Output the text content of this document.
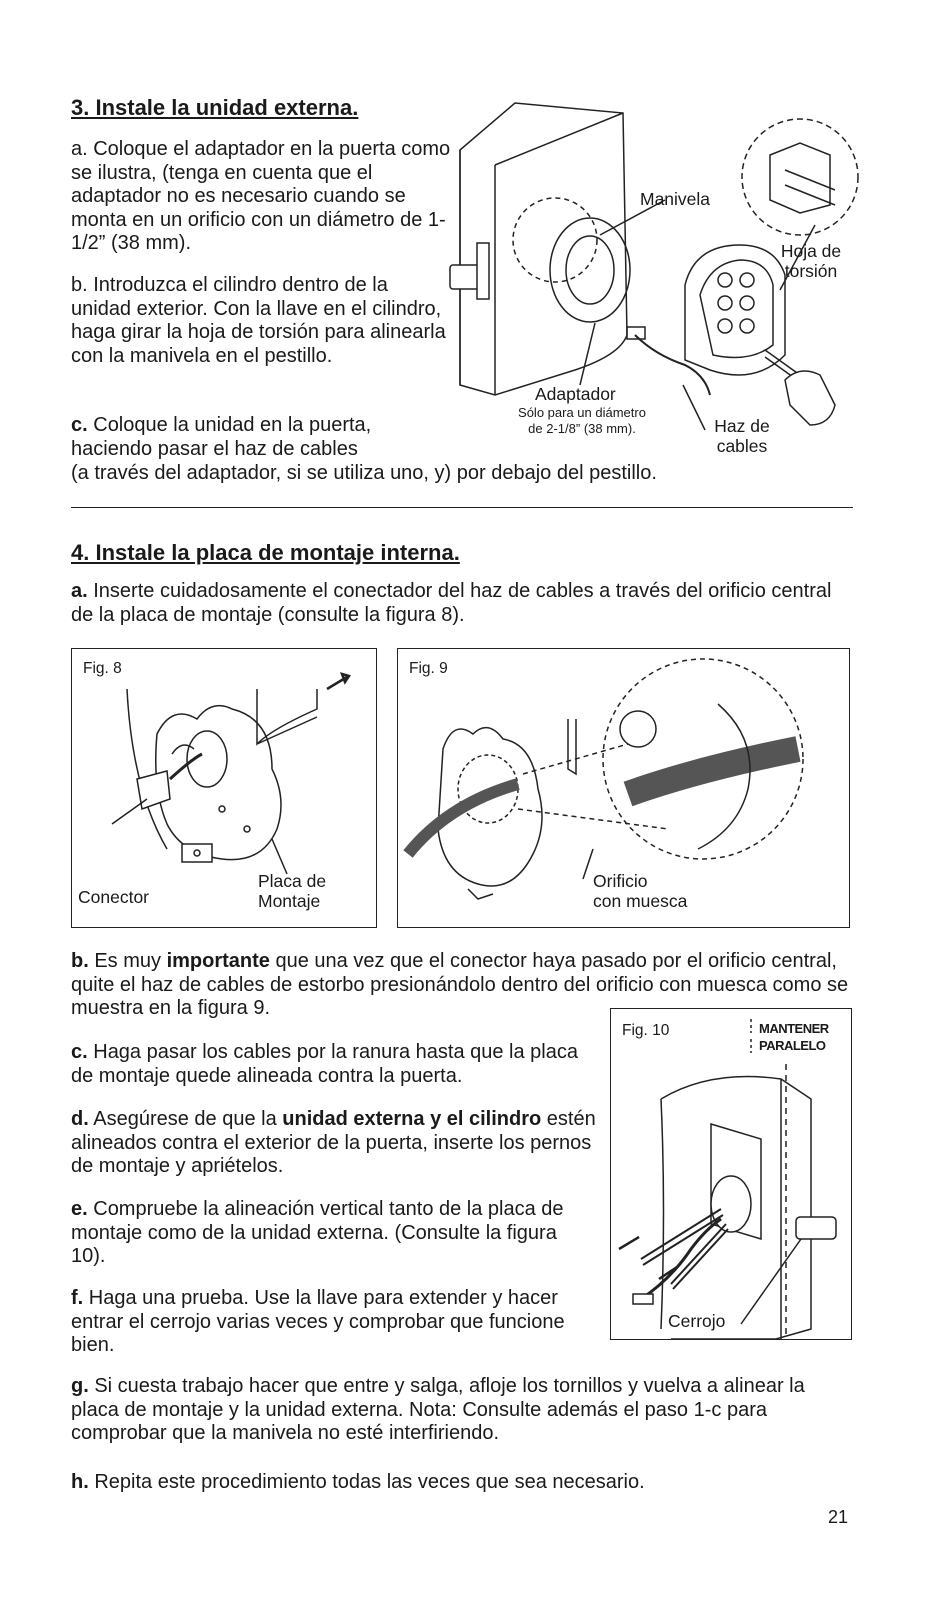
3. Instale la unidad externa.

a. Coloque el adaptador en la puerta como se ilustra, (tenga en cuenta que el adaptador no es necesario cuando se monta en un orificio con un diámetro de 1-1/2” (38 mm).

b. Introduzca el cilindro dentro de la unidad exterior. Con la llave en el cilindro, haga girar la hoja de torsión para alinearla con la manivela en el pestillo.

c. Coloque la unidad en la puerta,
haciendo pasar el haz de cables
(a través del adaptador, si se utiliza uno, y) por debajo del pestillo.
Manivela
Hoja de
torsión
Adaptador
Sólo para un diámetro
de 2-1/8” (38 mm).	Haz de
cables
4. Instale la placa de montaje interna.

a. Inserte cuidadosamente el conectador del haz de cables a través del orificio central de la placa de montaje (consulte la figura 8).

Fig. 8
Conector
Placa de
Montaje
Fig. 9
Orificio
con muesca

b. Es muy importante que una vez que el conector haya pasado por el orificio central, quite el haz de cables de estorbo presionándolo dentro del orificio con muesca como se muestra en la figura 9.

c. Haga pasar los cables por la ranura hasta que la placa de montaje quede alineada contra la puerta.

d. Asegúrese de que la unidad externa y el cilindro estén alineados contra el exterior de la puerta, inserte los pernos de montaje y apriételos.

e. Compruebe la alineación vertical tanto de la placa de montaje como de la unidad externa. (Consulte la figura 10).

f. Haga una prueba. Use la llave para extender y hacer entrar el cerrojo varias veces y comprobar que funcione bien.

Fig. 10	MANTENER
PARALELO
Cerrojo

g. Si cuesta trabajo hacer que entre y salga, afloje los tornillos y vuelva a alinear la placa de montaje y la unidad externa. Nota: Consulte además el paso 1-c para comprobar que la manivela no esté interfiriendo.

h. Repita este procedimiento todas las veces que sea necesario.

21
